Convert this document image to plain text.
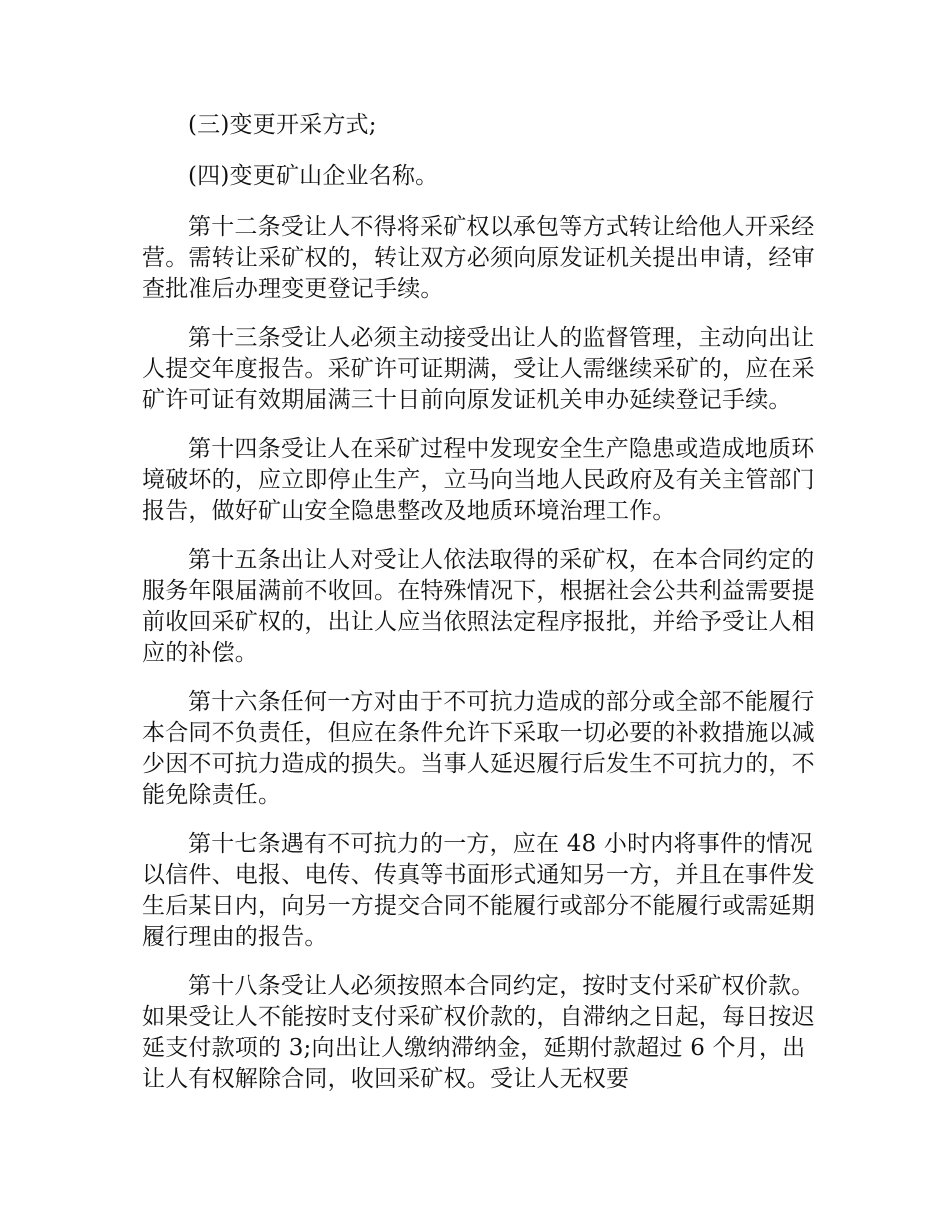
(三)变更开采方式;

(四)变更矿山企业名称。

第十二条受让人不得将采矿权以承包等方式转让给他人开采经营。需转让采矿权的，转让双方必须向原发证机关提出申请，经审查批准后办理变更登记手续。

第十三条受让人必须主动接受出让人的监督管理，主动向出让人提交年度报告。采矿许可证期满，受让人需继续采矿的，应在采矿许可证有效期届满三十日前向原发证机关申办延续登记手续。

第十四条受让人在采矿过程中发现安全生产隐患或造成地质环境破坏的，应立即停止生产，立马向当地人民政府及有关主管部门报告，做好矿山安全隐患整改及地质环境治理工作。

第十五条出让人对受让人依法取得的采矿权，在本合同约定的服务年限届满前不收回。在特殊情况下，根据社会公共利益需要提前收回采矿权的，出让人应当依照法定程序报批，并给予受让人相应的补偿。

第十六条任何一方对由于不可抗力造成的部分或全部不能履行本合同不负责任，但应在条件允许下采取一切必要的补救措施以减少因不可抗力造成的损失。当事人延迟履行后发生不可抗力的，不能免除责任。

第十七条遇有不可抗力的一方，应在 48 小时内将事件的情况以信件、电报、电传、传真等书面形式通知另一方，并且在事件发生后某日内，向另一方提交合同不能履行或部分不能履行或需延期履行理由的报告。

第十八条受让人必须按照本合同约定，按时支付采矿权价款。如果受让人不能按时支付采矿权价款的，自滞纳之日起，每日按迟延支付款项的 3;向出让人缴纳滞纳金，延期付款超过 6 个月，出让人有权解除合同，收回采矿权。受让人无权要
